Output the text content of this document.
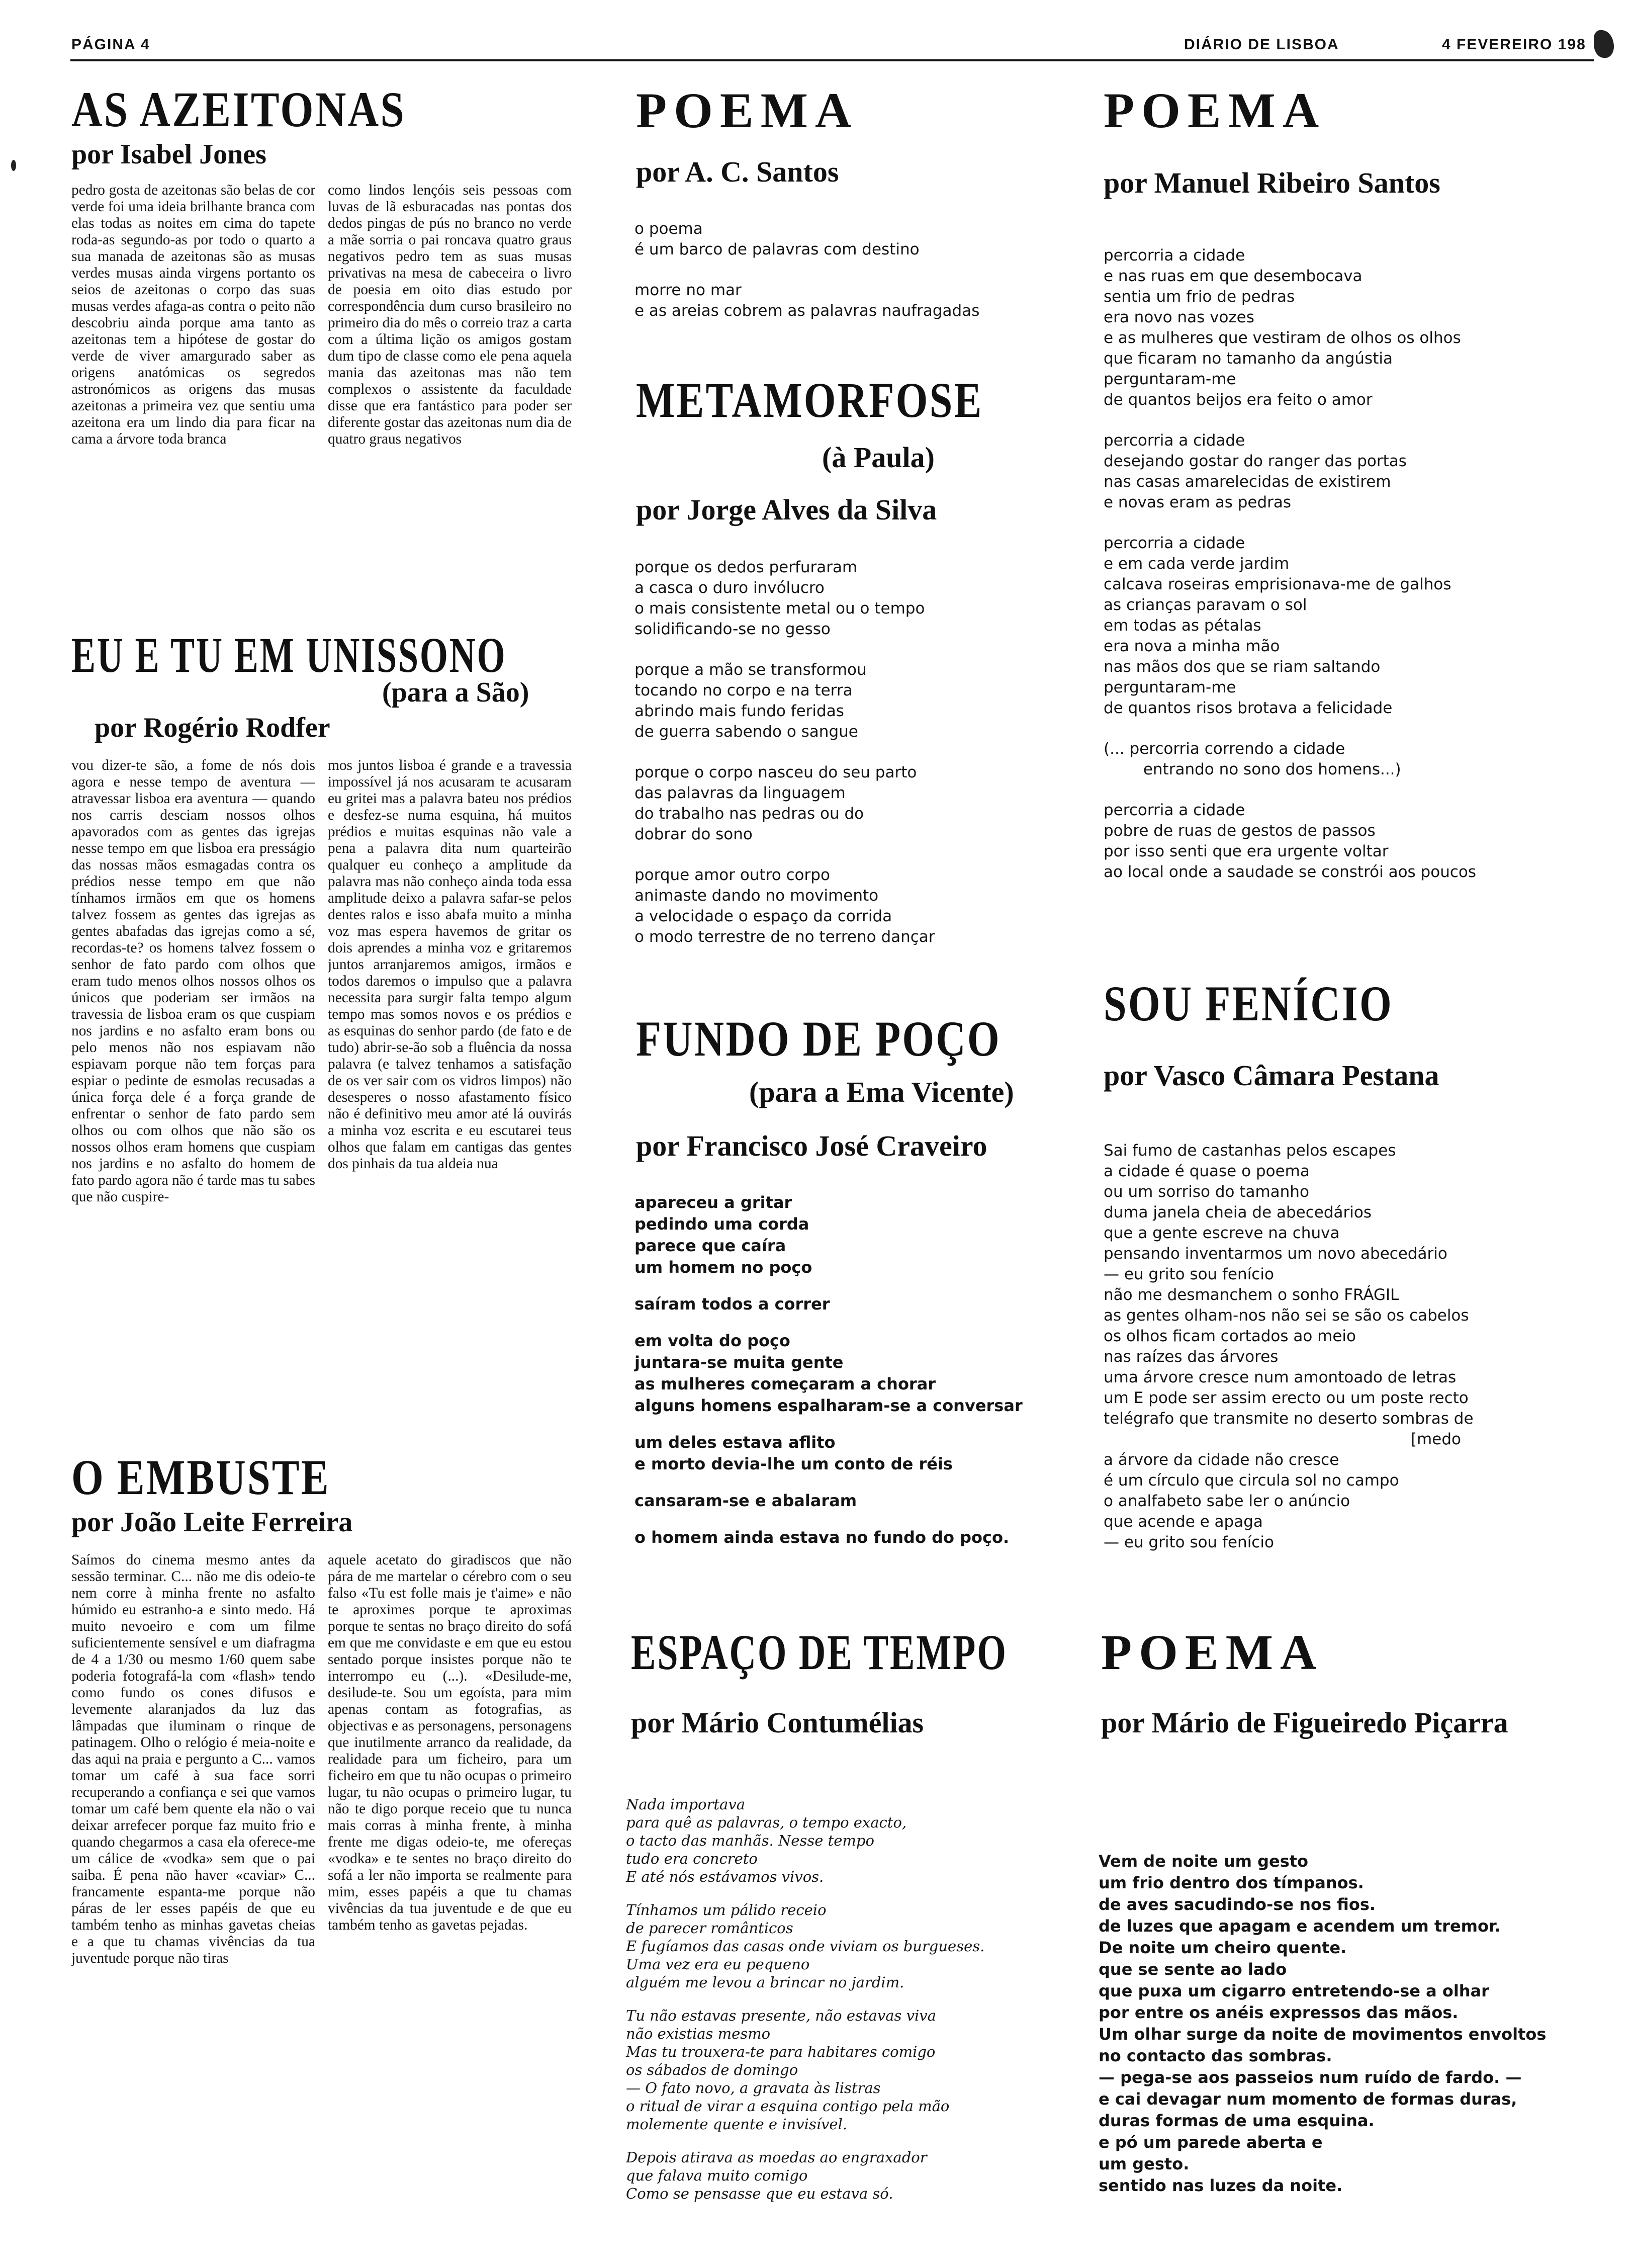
PÁGINA 4	DIÁRIO DE LISBOA	4 FEVEREIRO 198
AS AZEITONAS
por Isabel Jones

pedro gosta de azeitonas são belas de cor verde foi uma ideia brilhante branca com elas todas as noites em cima do tapete roda-as segundo-as por todo o quarto a sua manada de azeitonas são as musas verdes musas ainda virgens portanto os seios de azeitonas o corpo das suas musas verdes afaga-as contra o peito não descobriu ainda porque ama tanto as azeitonas tem a hipótese de gostar do verde de viver amargurado saber as origens anatómicas os segredos astronómicos as origens das musas azeitonas a primeira vez que sentiu uma azeitona era um lindo dia para ficar na cama a árvore toda branca

como lindos lençóis seis pessoas com luvas de lã esburacadas nas pontas dos dedos pingas de pús no branco no verde a mãe sorria o pai roncava quatro graus negativos pedro tem as suas musas privativas na mesa de cabeceira o livro de poesia em oito dias estudo por correspondência dum curso brasileiro no primeiro dia do mês o correio traz a carta com a última lição os amigos gostam dum tipo de classe como ele pena aquela mania das azeitonas mas não tem complexos o assistente da faculdade disse que era fantástico para poder ser diferente gostar das azeitonas num dia de quatro graus negativos

EU E TU EM UNISSONO
(para a São)
por Rogério Rodfer

vou dizer-te são, a fome de nós dois agora e nesse tempo de aventura — atravessar lisboa era aventura — quando nos carris desciam nossos olhos apavorados com as gentes das igrejas nesse tempo em que lisboa era presságio das nossas mãos esmagadas contra os prédios nesse tempo em que não tínhamos irmãos em que os homens talvez fossem as gentes das igrejas as gentes abafadas das igrejas como a sé, recordas-te? os homens talvez fossem o senhor de fato pardo com olhos que eram tudo menos olhos nossos olhos os únicos que poderiam ser irmãos na travessia de lisboa eram os que cuspiam nos jardins e no asfalto eram bons ou pelo menos não nos espiavam não espiavam porque não tem forças para espiar o pedinte de esmolas recusadas a única força dele é a força grande de enfrentar o senhor de fato pardo sem olhos ou com olhos que não são os nossos olhos eram homens que cuspiam nos jardins e no asfalto do homem de fato pardo agora não é tarde mas tu sabes que não cuspire-

mos juntos lisboa é grande e a travessia impossível já nos acusaram te acusaram eu gritei mas a palavra bateu nos prédios e desfez-se numa esquina, há muitos prédios e muitas esquinas não vale a pena a palavra dita num quarteirão qualquer eu conheço a amplitude da palavra mas não conheço ainda toda essa amplitude deixo a palavra safar-se pelos dentes ralos e isso abafa muito a minha voz mas espera havemos de gritar os dois aprendes a minha voz e gritaremos juntos arranjaremos amigos, irmãos e todos daremos o impulso que a palavra necessita para surgir falta tempo algum tempo mas somos novos e os prédios e as esquinas do senhor pardo (de fato e de tudo) abrir-se-ão sob a fluência da nossa palavra (e talvez tenhamos a satisfação de os ver sair com os vidros limpos) não desesperes o nosso afastamento físico não é definitivo meu amor até lá ouvirás a minha voz escrita e eu escutarei teus olhos que falam em cantigas das gentes dos pinhais da tua aldeia nua

O EMBUSTE
por João Leite Ferreira

Saímos do cinema mesmo antes da sessão terminar. C... não me dis odeio-te nem corre à minha frente no asfalto húmido eu estranho-a e sinto medo. Há muito nevoeiro e com um filme suficientemente sensível e um diafragma de 4 a 1/30 ou mesmo 1/60 quem sabe poderia fotografá-la com «flash» tendo como fundo os cones difusos e levemente alaranjados da luz das lâmpadas que iluminam o rinque de patinagem. Olho o relógio é meia-noite e das aqui na praia e pergunto a C... vamos tomar um café à sua face sorri recuperando a confiança e sei que vamos tomar um café bem quente ela não o vai deixar arrefecer porque faz muito frio e quando chegarmos a casa ela oferece-me um cálice de «vodka» sem que o pai saiba. É pena não haver «caviar» C... francamente espanta-me porque não páras de ler esses papéis de que eu também tenho as minhas gavetas cheias e a que tu chamas vivências da tua juventude porque não tiras

aquele acetato do giradiscos que não pára de me martelar o cérebro com o seu falso «Tu est folle mais je t'aime» e não te aproximes porque te aproximas porque te sentas no braço direito do sofá em que me convidaste e em que eu estou sentado porque insistes porque não te interrompo eu (...). «Desilude-me, desilude-te. Sou um egoísta, para mim apenas contam as fotografias, as objectivas e as personagens, personagens que inutilmente arranco da realidade, da realidade para um ficheiro, para um ficheiro em que tu não ocupas o primeiro lugar, tu não ocupas o primeiro lugar, tu não te digo porque receio que tu nunca mais corras à minha frente, à minha frente me digas odeio-te, me ofereças «vodka» e te sentes no braço direito do sofá a ler não importa se realmente para mim, esses papéis a que tu chamas vivências da tua juventude e de que eu também tenho as gavetas pejadas.

POEMA
por A. C. Santos
o poema
é um barco de palavras com destino
morre no mar
e as areias cobrem as palavras naufragadas
METAMORFOSE
(à Paula)
por Jorge Alves da Silva
porque os dedos perfuraram
a casca o duro invólucro
o mais consistente metal ou o tempo
solidificando-se no gesso
porque a mão se transformou
tocando no corpo e na terra
abrindo mais fundo feridas
de guerra sabendo o sangue
porque o corpo nasceu do seu parto
das palavras da linguagem
do trabalho nas pedras ou do
dobrar do sono
porque amor outro corpo
animaste dando no movimento
a velocidade o espaço da corrida
o modo terrestre de no terreno dançar
FUNDO DE POÇO
(para a Ema Vicente)
por Francisco José Craveiro
apareceu a gritar
pedindo uma corda
parece que caíra
um homem no poço
saíram todos a correr
em volta do poço
juntara-se muita gente
as mulheres começaram a chorar
alguns homens espalharam-se a conversar
um deles estava aflito
e morto devia-lhe um conto de réis
cansaram-se e abalaram
o homem ainda estava no fundo do poço.
ESPAÇO DE TEMPO
por Mário Contumélias
Nada importava
para quê as palavras, o tempo exacto,
o tacto das manhãs. Nesse tempo
tudo era concreto
E até nós estávamos vivos.
Tínhamos um pálido receio
de parecer românticos
E fugíamos das casas onde viviam os burgueses.
Uma vez era eu pequeno
alguém me levou a brincar no jardim.
Tu não estavas presente, não estavas viva
não existias mesmo
Mas tu trouxera-te para habitares comigo
os sábados de domingo
— O fato novo, a gravata às listras
o ritual de virar a esquina contigo pela mão
molemente quente e invisível.
Depois atirava as moedas ao engraxador
que falava muito comigo
Como se pensasse que eu estava só.
POEMA
por Manuel Ribeiro Santos
percorria a cidade
e nas ruas em que desembocava
sentia um frio de pedras
era novo nas vozes
e as mulheres que vestiram de olhos os olhos
que ficaram no tamanho da angústia
perguntaram-me
de quantos beijos era feito o amor
percorria a cidade
desejando gostar do ranger das portas
nas casas amarelecidas de existirem
e novas eram as pedras
percorria a cidade
e em cada verde jardim
calcava roseiras emprisionava-me de galhos
as crianças paravam o sol
em todas as pétalas
era nova a minha mão
nas mãos dos que se riam saltando
perguntaram-me
de quantos risos brotava a felicidade
(... percorria correndo a cidade
entrando no sono dos homens...)
percorria a cidade
pobre de ruas de gestos de passos
por isso senti que era urgente voltar
ao local onde a saudade se constrói aos poucos
SOU FENÍCIO
por Vasco Câmara Pestana
Sai fumo de castanhas pelos escapes
a cidade é quase o poema
ou um sorriso do tamanho
duma janela cheia de abecedários
que a gente escreve na chuva
pensando inventarmos um novo abecedário
— eu grito sou fenício
não me desmanchem o sonho FRÁGIL
as gentes olham-nos não sei se são os cabelos
os olhos ficam cortados ao meio
nas raízes das árvores
uma árvore cresce num amontoado de letras
um E pode ser assim erecto ou um poste recto
telégrafo que transmite no deserto sombras de
[medo
a árvore da cidade não cresce
é um círculo que circula sol no campo
o analfabeto sabe ler o anúncio
que acende e apaga
— eu grito sou fenício
POEMA
por Mário de Figueiredo Piçarra
Vem de noite um gesto
um frio dentro dos tímpanos.
de aves sacudindo-se nos fios.
de luzes que apagam e acendem um tremor.
De noite um cheiro quente.
que se sente ao lado
que puxa um cigarro entretendo-se a olhar
por entre os anéis expressos das mãos.
Um olhar surge da noite de movimentos envoltos
no contacto das sombras.
— pega-se aos passeios num ruído de fardo. —
e cai devagar num momento de formas duras,
duras formas de uma esquina.
e pó um parede aberta e
um gesto.
sentido nas luzes da noite.
